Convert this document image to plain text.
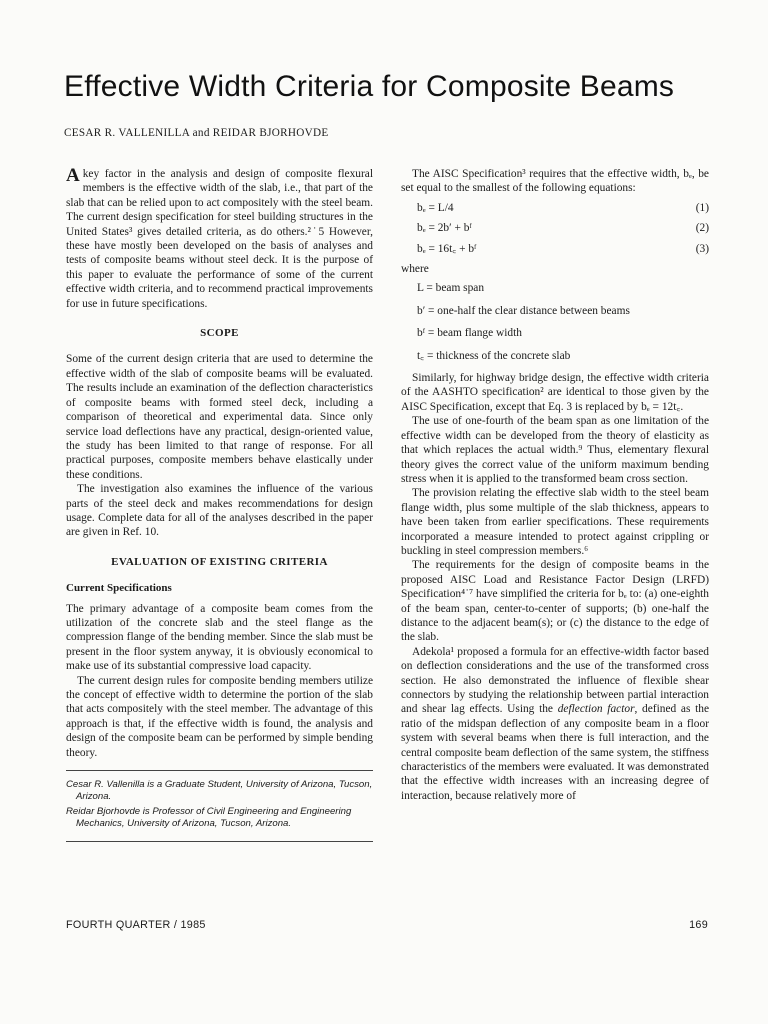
Effective Width Criteria for Composite Beams
CESAR R. VALLENILLA and REIDAR BJORHOVDE

A key factor in the analysis and design of composite flexural members is the effective width of the slab, i.e., that part of the slab that can be relied upon to act compositely with the steel beam. The current design specification for steel building structures in the United States³ gives detailed criteria, as do others.²˙5 However, these have mostly been developed on the basis of analyses and tests of composite beams without steel deck. It is the purpose of this paper to evaluate the performance of some of the current effective width criteria, and to recommend practical improvements for use in future specifications.

SCOPE

Some of the current design criteria that are used to determine the effective width of the slab of composite beams will be evaluated. The results include an examination of the deflection characteristics of composite beams with formed steel deck, including a comparison of theoretical and experimental data. Since only service load deflections have any practical, design-oriented value, the study has been limited to that range of response. For all practical purposes, composite members behave elastically under these conditions.

The investigation also examines the influence of the various parts of the steel deck and makes recommendations for design usage. Complete data for all of the analyses described in the paper are given in Ref. 10.

EVALUATION OF EXISTING CRITERIA
Current Specifications

The primary advantage of a composite beam comes from the utilization of the concrete slab and the steel flange as the compression flange of the bending member. Since the slab must be present in the floor system anyway, it is obviously economical to make use of its substantial compressive load capacity.

The current design rules for composite bending members utilize the concept of effective width to determine the portion of the slab that acts compositely with the steel member. The advantage of this approach is that, if the effective width is found, the analysis and design of the composite beam can be performed by simple bending theory.

Cesar R. Vallenilla is a Graduate Student, University of Arizona, Tucson, Arizona.

Reidar Bjorhovde is Professor of Civil Engineering and Engineering Mechanics, University of Arizona, Tucson, Arizona.

The AISC Specification³ requires that the effective width, bₑ, be set equal to the smallest of the following equations:

bₑ = L/4	(1)
bₑ = 2b′ + bᶠ	(2)
bₑ = 16t꜀ + bᶠ	(3)

where

L = beam span
b′ = one-half the clear distance between beams
bᶠ = beam flange width
t꜀ = thickness of the concrete slab

Similarly, for highway bridge design, the effective width criteria of the AASHTO specification² are identical to those given by the AISC Specification, except that Eq. 3 is replaced by bₑ = 12t꜀.

The use of one-fourth of the beam span as one limitation of the effective width can be developed from the theory of elasticity as that which replaces the actual width.⁹ Thus, elementary flexural theory gives the correct value of the uniform maximum bending stress when it is applied to the transformed beam cross section.

The provision relating the effective slab width to the steel beam flange width, plus some multiple of the slab thickness, appears to have been taken from earlier specifications. These requirements incorporated a measure intended to protect against crippling or buckling in steel compression members.⁶

The requirements for the design of composite beams in the proposed AISC Load and Resistance Factor Design (LRFD) Specification⁴˙⁷ have simplified the criteria for bₑ to: (a) one-eighth of the beam span, center-to-center of supports; (b) one-half the distance to the adjacent beam(s); or (c) the distance to the edge of the slab.

Adekola¹ proposed a formula for an effective-width factor based on deflection considerations and the use of the transformed cross section. He also demonstrated the influence of flexible shear connectors by studying the relationship between partial interaction and shear lag effects. Using the deflection factor, defined as the ratio of the midspan deflection of any composite beam in a floor system with several beams when there is full interaction, and the central composite beam deflection of the same system, the stiffness characteristics of the members were evaluated. It was demonstrated that the effective width increases with an increasing degree of interaction, because relatively more of

FOURTH QUARTER / 1985	169
